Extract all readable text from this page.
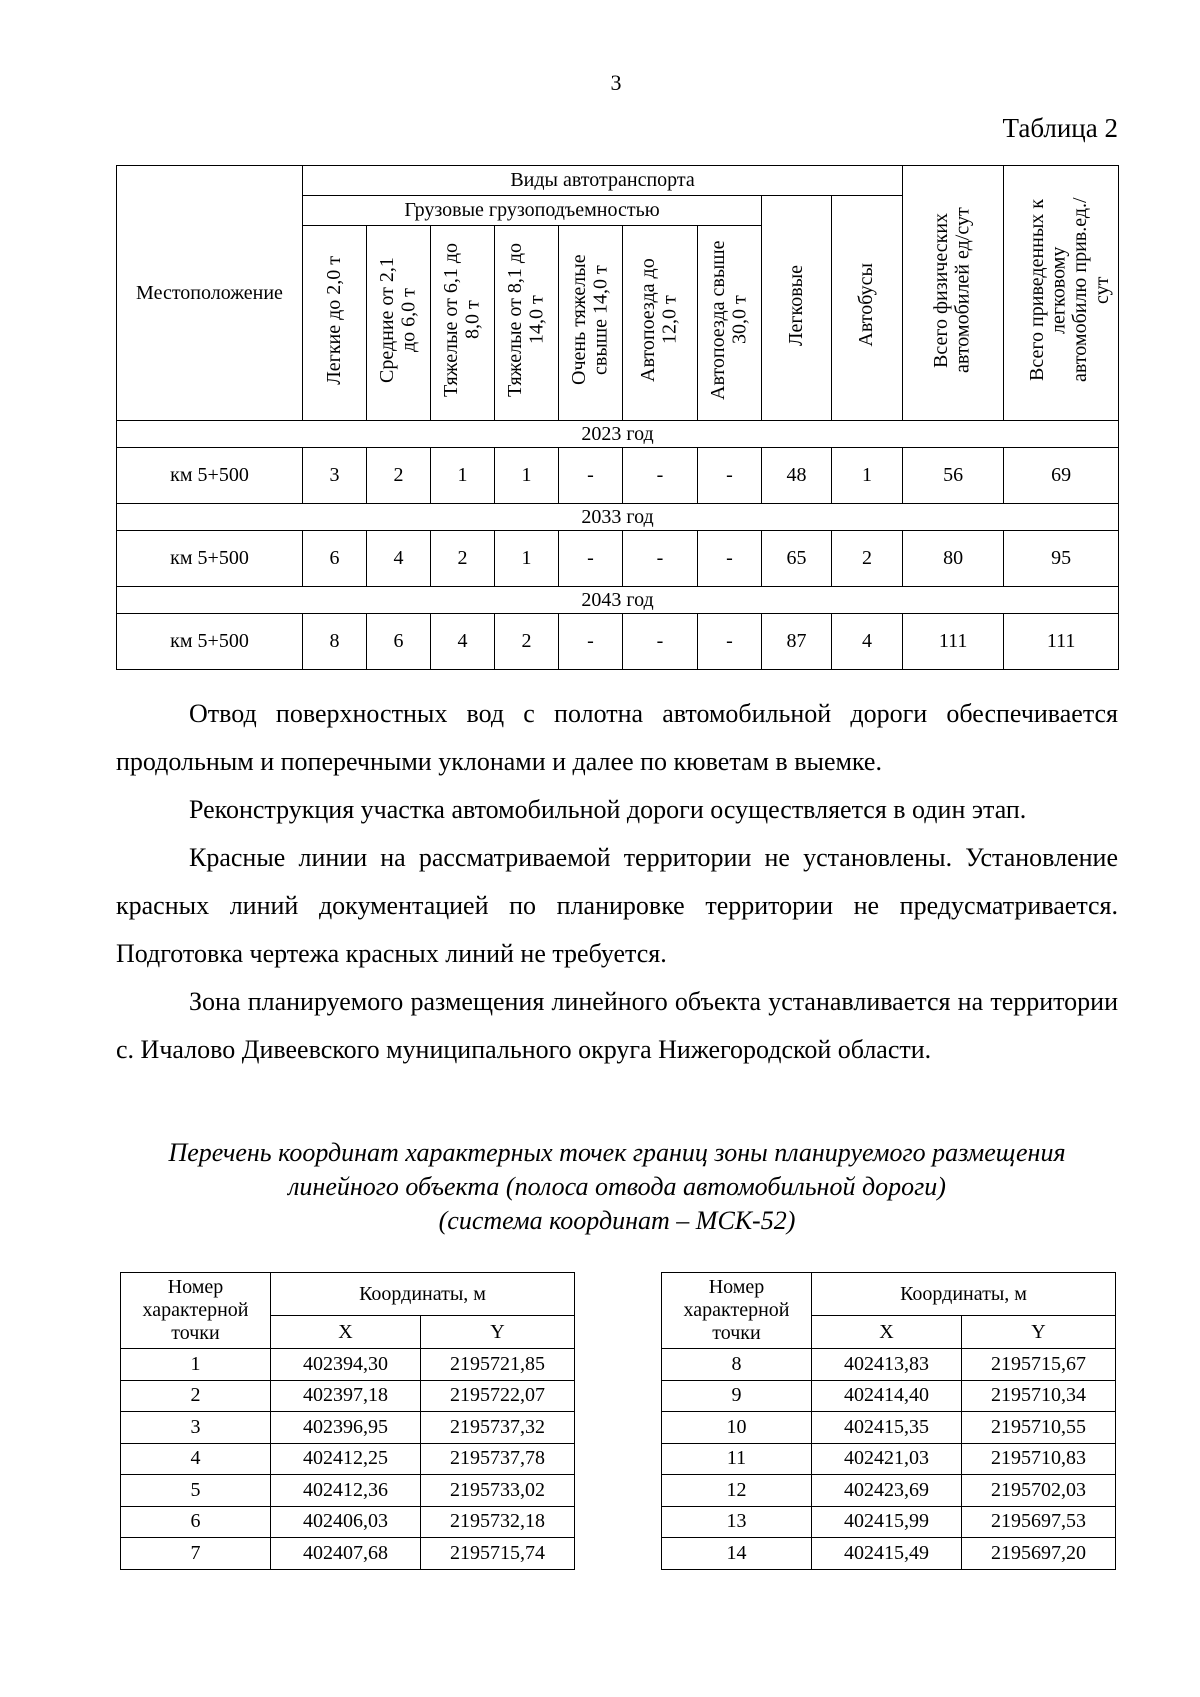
3
Таблица 2
Местоположение	Виды автотранспорта									Всего физических автомобилей ед/сут	Всего приведенных к легковому автомобилю прив.ед./сут
	Грузовые грузоподъемностью							Легковые	Автобусы		
	Легкие до 2,0 т	Средние от 2,1 до 6,0 т	Тяжелые от 6,1 до 8,0 т	Тяжелые от 8,1 до 14,0 т	Очень тяжелые свыше 14,0 т	Автопоезда до 12,0 т	Автопоезда свыше 30,0 т				
2023 год											
км 5+500	3	2	1	1	-	-	-	48	1	56	69
2033 год											
км 5+500	6	4	2	1	-	-	-	65	2	80	95
2043 год											
км 5+500	8	6	4	2	-	-	-	87	4	111	111

Отвод поверхностных вод с полотна автомобильной дороги обеспечивается продольным и поперечными уклонами и далее по кюветам в выемке.

Реконструкция участка автомобильной дороги осуществляется в один этап.

Красные линии на рассматриваемой территории не установлены. Установление красных линий документацией по планировке территории не предусматривается. Подготовка чертежа красных линий не требуется.

Зона планируемого размещения линейного объекта устанавливается на территории с. Ичалово Дивеевского муниципального округа Нижегородской области.

Перечень координат характерных точек границ зоны планируемого размещения
линейного объекта (полоса отвода автомобильной дороги)
(система координат – МСК-52)
Номер
характерной
точки	Координаты, м	
	X	Y
1	402394,30	2195721,85
2	402397,18	2195722,07
3	402396,95	2195737,32
4	402412,25	2195737,78
5	402412,36	2195733,02
6	402406,03	2195732,18
7	402407,68	2195715,74
Номер
характерной
точки	Координаты, м	
	X	Y
8	402413,83	2195715,67
9	402414,40	2195710,34
10	402415,35	2195710,55
11	402421,03	2195710,83
12	402423,69	2195702,03
13	402415,99	2195697,53
14	402415,49	2195697,20
